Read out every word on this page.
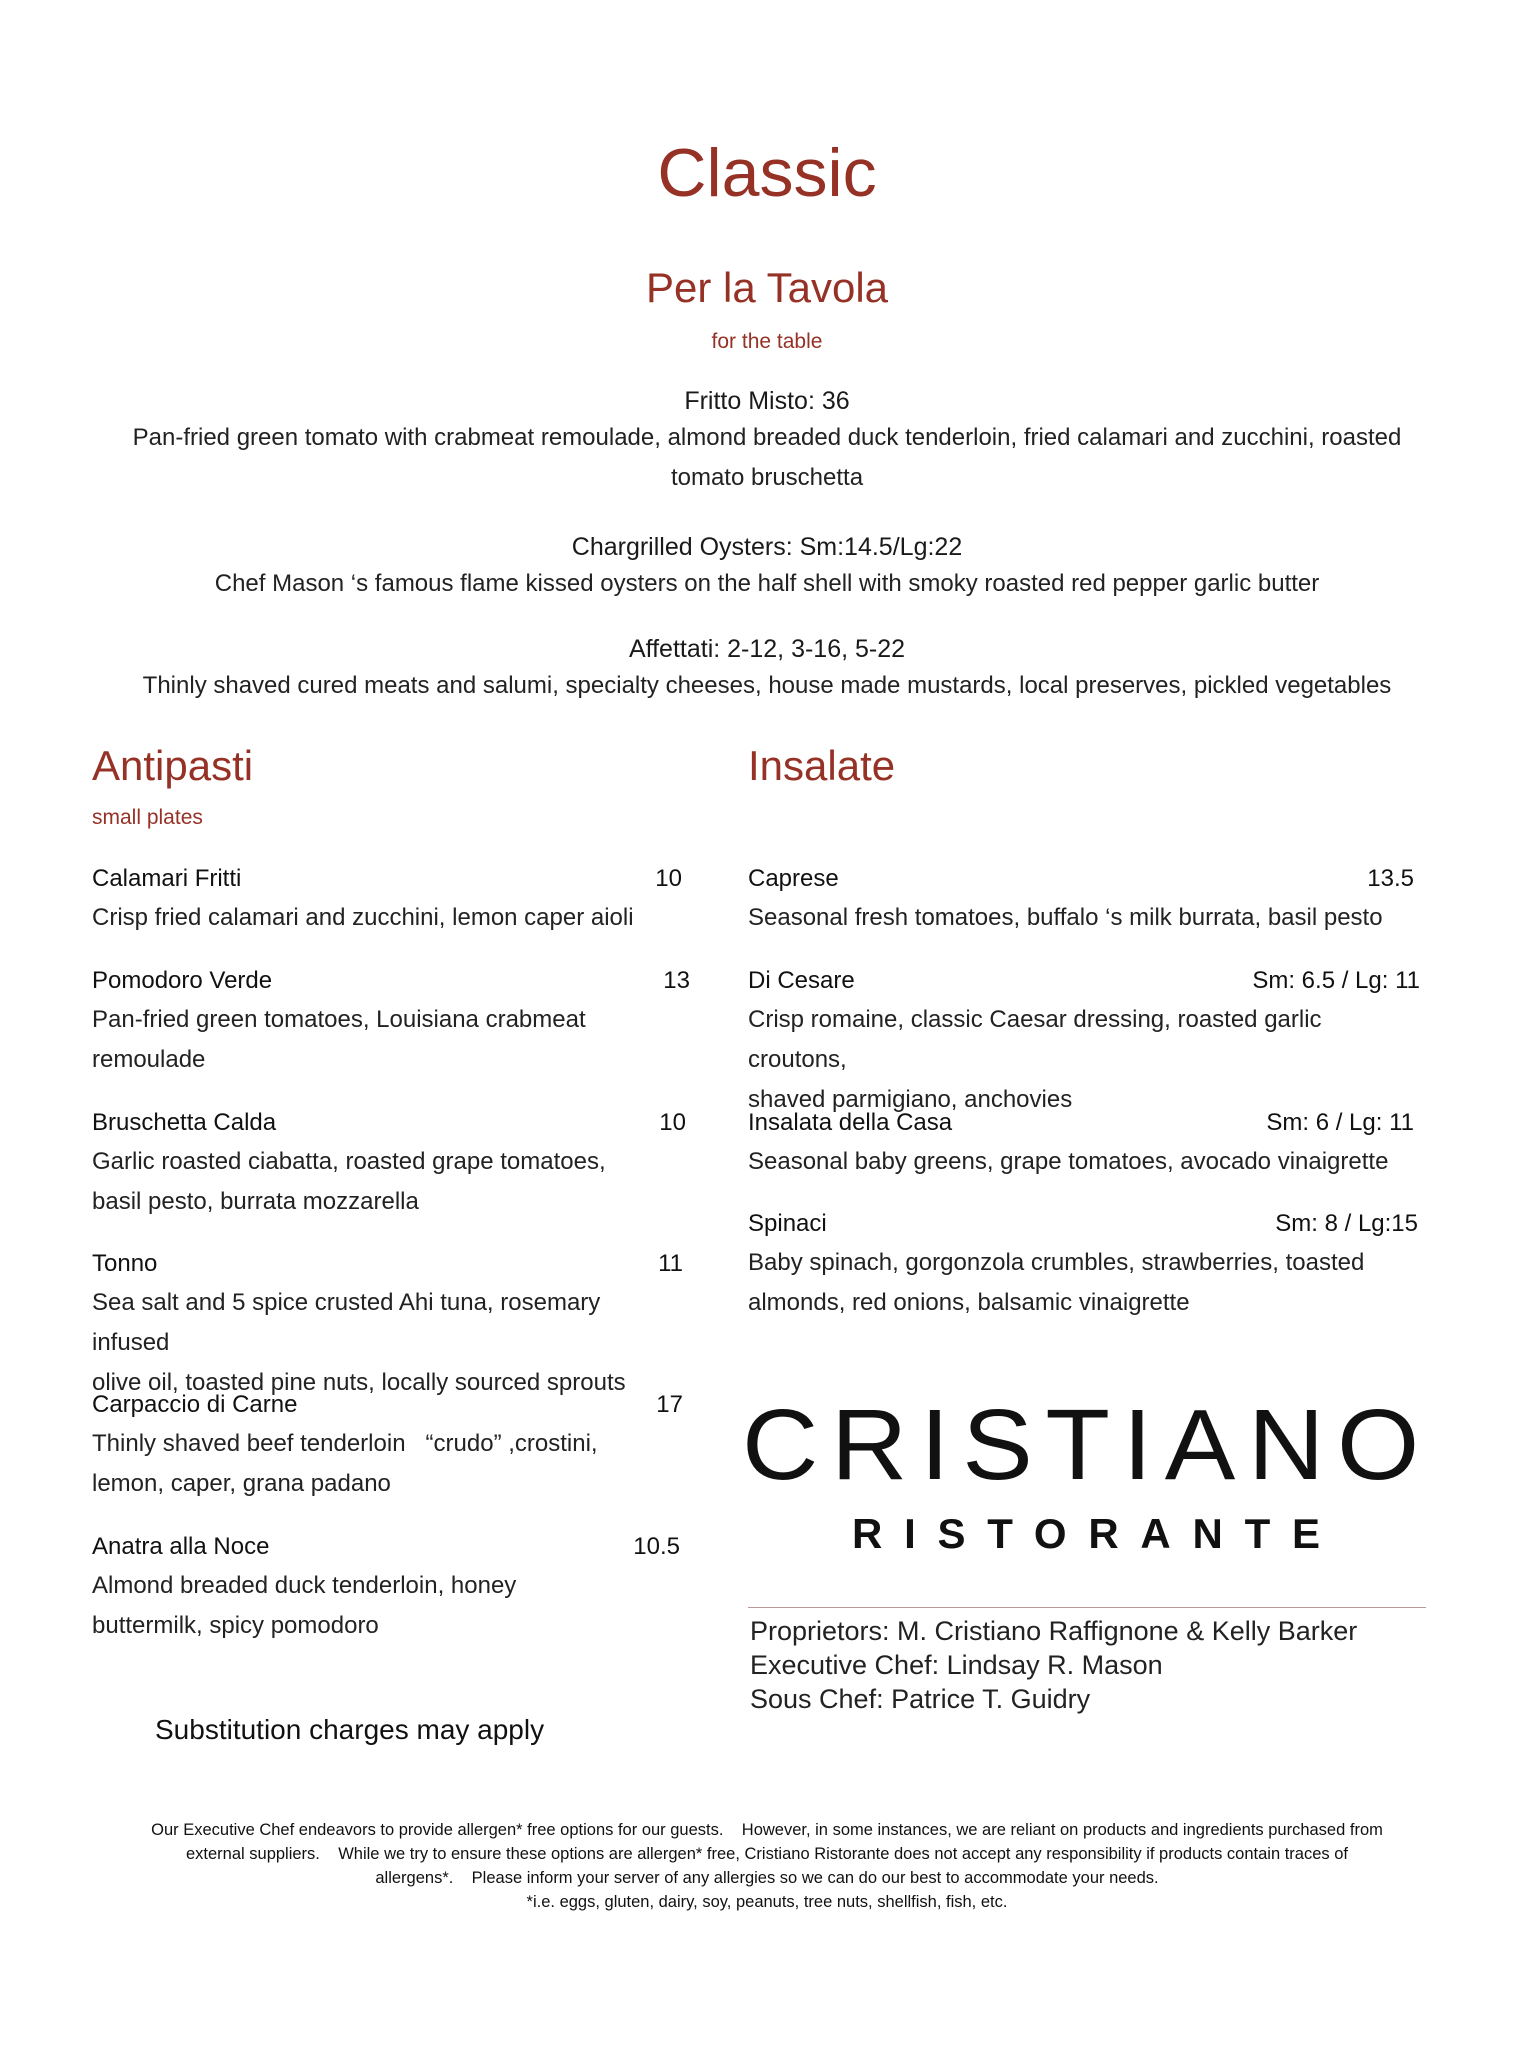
Classic
Per la Tavola
for the table
Fritto Misto: 36
Pan-fried green tomato with crabmeat remoulade, almond breaded duck tenderloin, fried calamari and zucchini, roasted
tomato bruschetta
Chargrilled Oysters: Sm:14.5/Lg:22
Chef Mason ‘s famous flame kissed oysters on the half shell with smoky roasted red pepper garlic butter
Affettati: 2-12, 3-16, 5-22
Thinly shaved cured meats and salumi, specialty cheeses, house made mustards, local preserves, pickled vegetables
Antipasti
small plates
Calamari Fritti	10
Crisp fried calamari and zucchini, lemon caper aioli
Pomodoro Verde	13
Pan-fried green tomatoes, Louisiana crabmeat
remoulade
Bruschetta Calda	10
Garlic roasted ciabatta, roasted grape tomatoes,
basil pesto, burrata mozzarella
Tonno	11
Sea salt and 5 spice crusted Ahi tuna, rosemary infused
olive oil, toasted pine nuts, locally sourced sprouts
Carpaccio di Carne	17
Thinly shaved beef tenderloin   “crudo” ,crostini,
lemon, caper, grana padano
Anatra alla Noce	10.5
Almond breaded duck tenderloin, honey
buttermilk, spicy pomodoro
Substitution charges may apply
Insalate
Caprese	13.5
Seasonal fresh tomatoes, buffalo ‘s milk burrata, basil pesto
Di Cesare	Sm: 6.5 / Lg: 11
Crisp romaine, classic Caesar dressing, roasted garlic croutons,
shaved parmigiano, anchovies
Insalata della Casa	Sm: 6 / Lg: 11
Seasonal baby greens, grape tomatoes, avocado vinaigrette
Spinaci	Sm: 8 / Lg:15
Baby spinach, gorgonzola crumbles, strawberries, toasted
almonds, red onions, balsamic vinaigrette
CRISTIANO
RISTORANTE
Proprietors: M. Cristiano Raffignone & Kelly Barker
Executive Chef: Lindsay R. Mason
Sous Chef: Patrice T. Guidry
Our Executive Chef endeavors to provide allergen* free options for our guests.    However, in some instances, we are reliant on products and ingredients purchased from
external suppliers.    While we try to ensure these options are allergen* free, Cristiano Ristorante does not accept any responsibility if products contain traces of
allergens*.    Please inform your server of any allergies so we can do our best to accommodate your needs.
*i.e. eggs, gluten, dairy, soy, peanuts, tree nuts, shellfish, fish, etc.
